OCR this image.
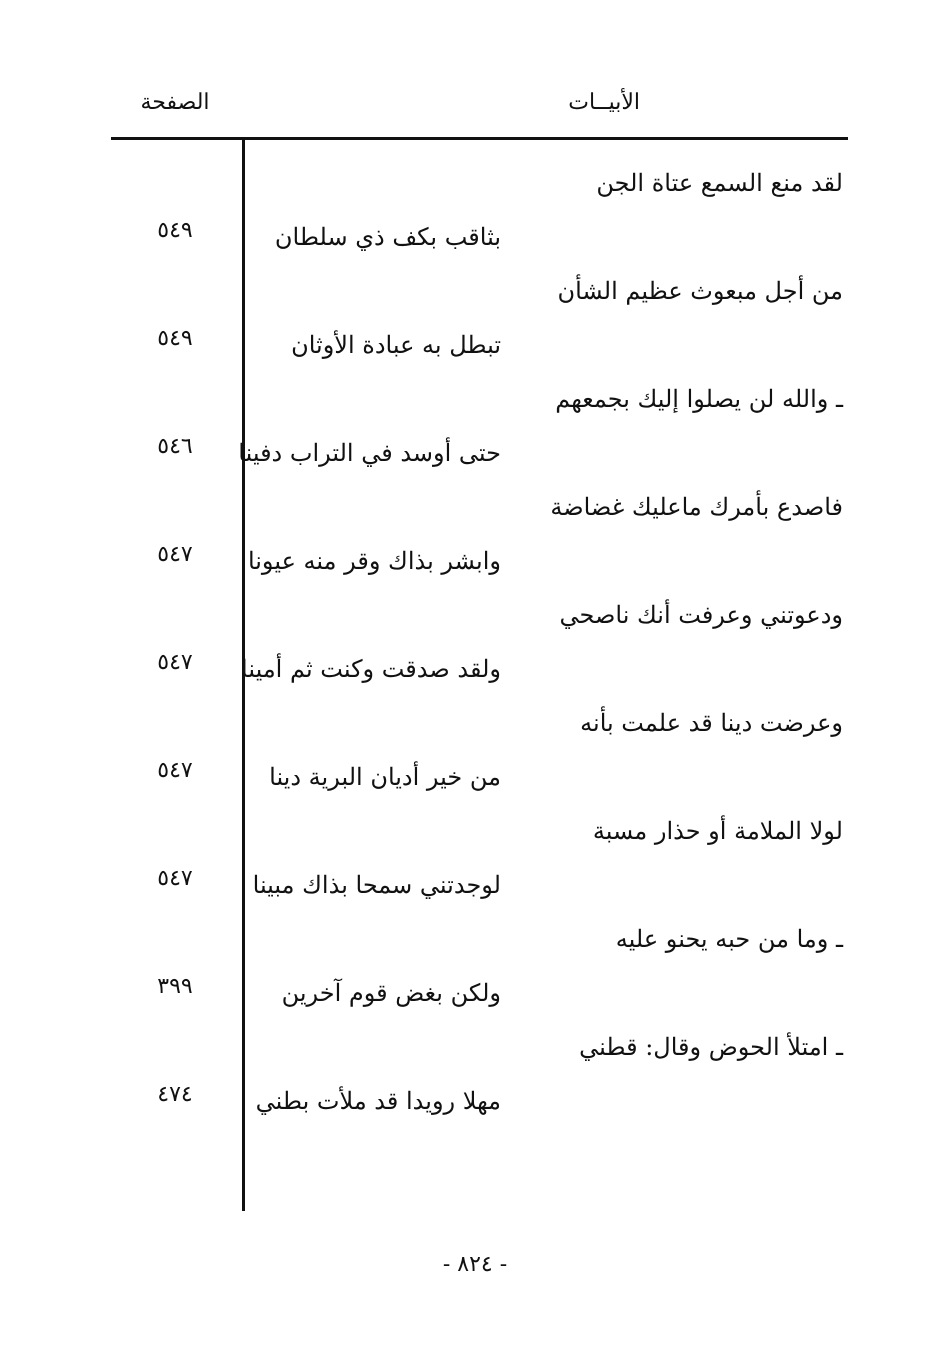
الأبيــات
الصفحة
لقد منع السمع عتاة الجن
بثاقب بكف ذي سلطان
٥٤٩
من أجل مبعوث عظيم الشأن
تبطل به عبادة الأوثان
٥٤٩
ـ والله لن يصلوا إليك بجمعهم
حتى أوسد في التراب دفينا
٥٤٦
فاصدع بأمرك ماعليك غضاضة
وابشر بذاك وقر منه عيونا
٥٤٧
ودعوتني وعرفت أنك ناصحي
ولقد صدقت وكنت ثم أمينا
٥٤٧
وعرضت دينا قد علمت بأنه
من خير أديان البرية دينا
٥٤٧
لولا الملامة أو حذار مسبة
لوجدتني سمحا بذاك مبينا
٥٤٧
ـ وما من حبه يحنو عليه
ولكن بغض قوم آخرين
٣٩٩
ـ امتلأ الحوض وقال: قطني
مهلا رويدا قد ملأت بطني
٤٧٤
- ٨٢٤ -
